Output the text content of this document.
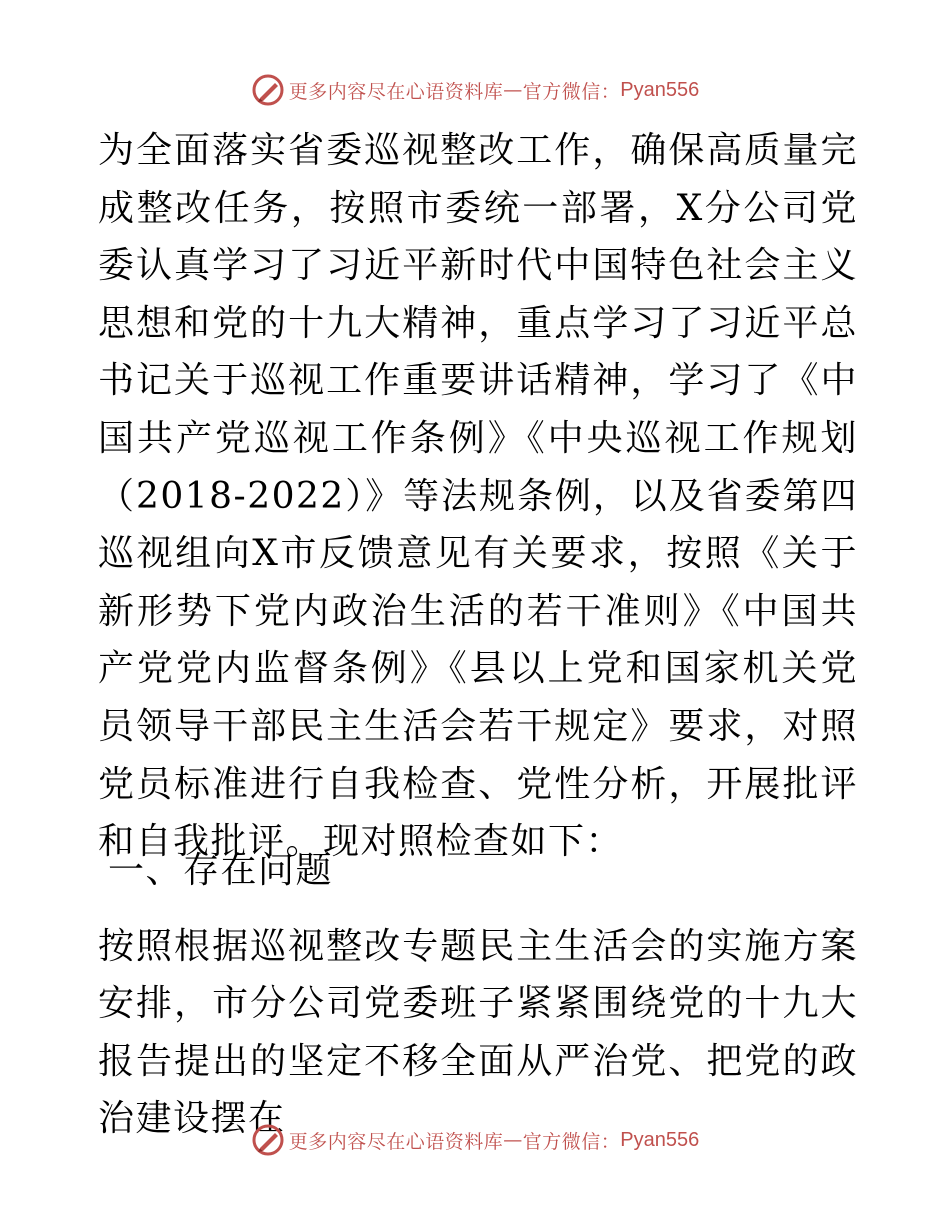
更多内容尽在心语资料库 — 官方微信： Pyan556

为全面落实省委巡视整改工作，确保高质量完成整改任务，按照市委统一部署，X分公司党委认真学习了习近平新时代中国特色社会主义思想和党的十九大精神，重点学习了习近平总书记关于巡视工作重要讲话精神，学习了《中国共产党巡视工作条例》《中央巡视工作规划（2018-2022）》等法规条例，以及省委第四巡视组向X市反馈意见有关要求，按照《关于新形势下党内政治生活的若干准则》《中国共产党党内监督条例》《县以上党和国家机关党员领导干部民主生活会若干规定》要求，对照党员标准进行自我检查、党性分析，开展批评和自我批评。现对照检查如下：

一、存在问题

按照根据巡视整改专题民主生活会的实施方案安排，市分公司党委班子紧紧围绕党的十九大报告提出的坚定不移全面从严治党、把党的政治建设摆在

更多内容尽在心语资料库 — 官方微信： Pyan556
